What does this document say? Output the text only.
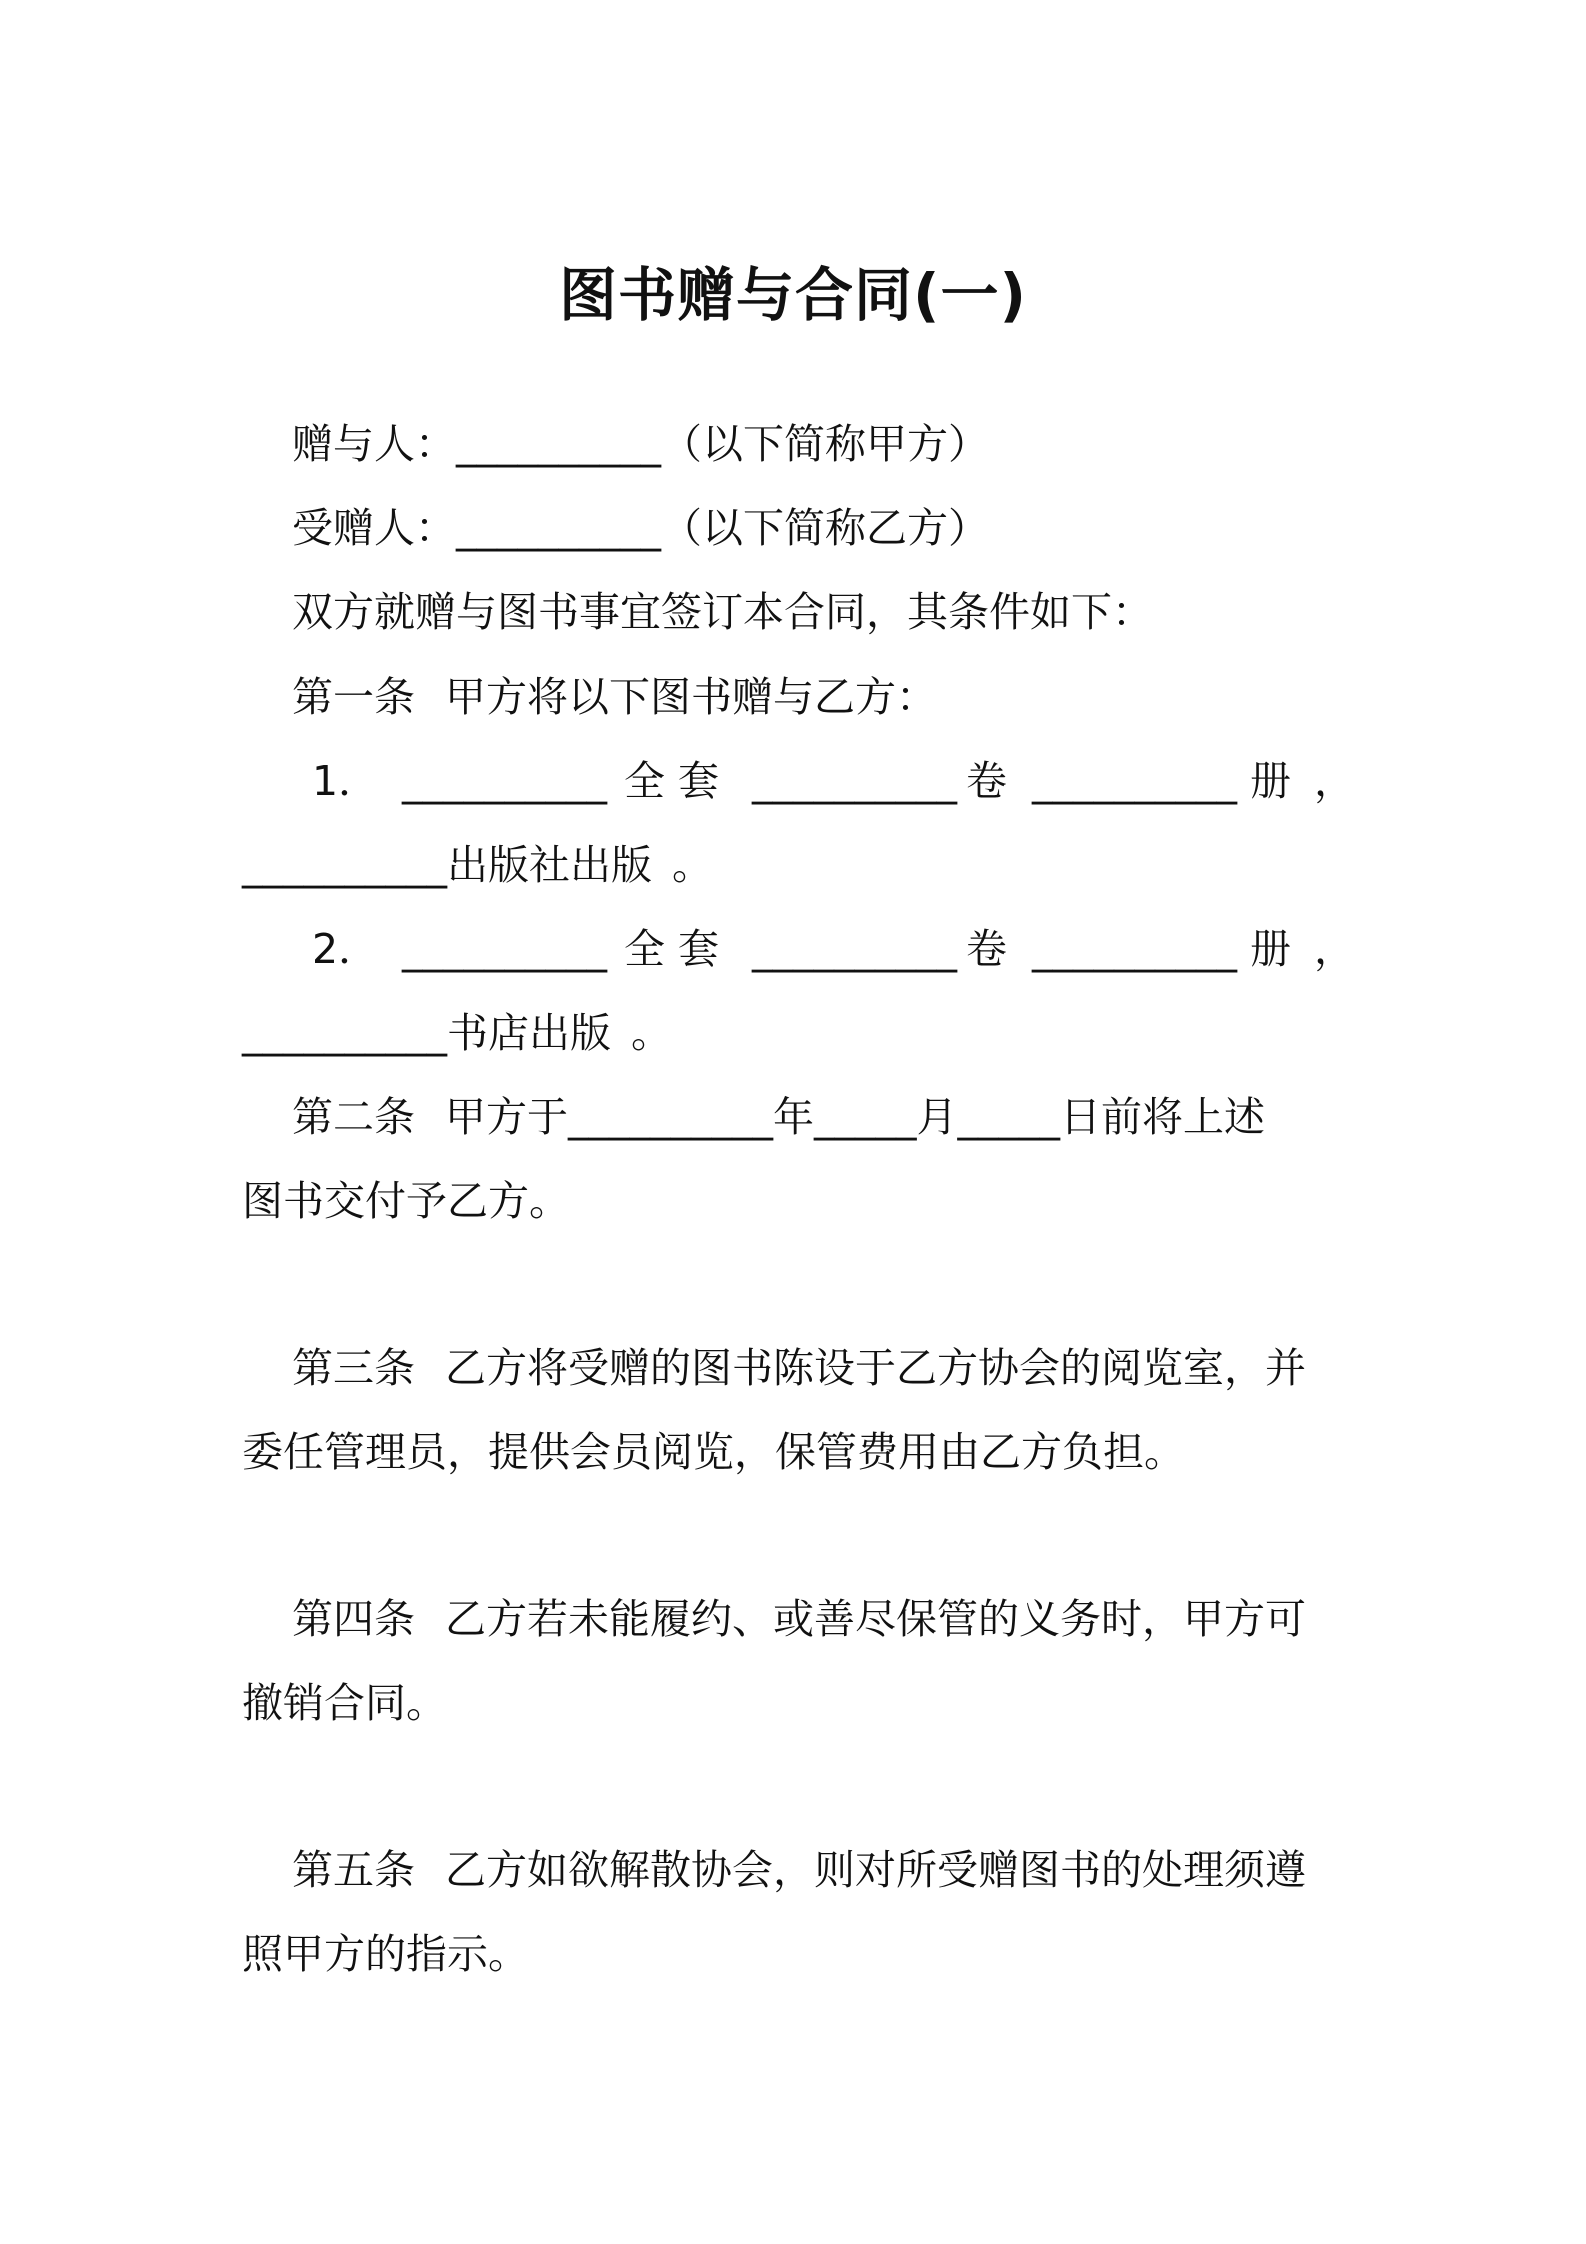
图书赠与合同(一)
赠与人：__________（以下简称甲方）
受赠人：__________（以下简称乙方）
双方就赠与图书事宜签订本合同，其条件如下：
第一条 甲方将以下图书赠与乙方：
1． __________ 全 套 __________ 卷 __________ 册 ，
__________出版社出版 。
2． __________ 全 套 __________ 卷 __________ 册 ，
__________书店出版 。
第二条 甲方于__________年_____月_____日前将上述
图书交付予乙方。
第三条 乙方将受赠的图书陈设于乙方协会的阅览室，并
委任管理员，提供会员阅览，保管费用由乙方负担。
第四条 乙方若未能履约、或善尽保管的义务时，甲方可
撤销合同。
第五条 乙方如欲解散协会，则对所受赠图书的处理须遵
照甲方的指示。
